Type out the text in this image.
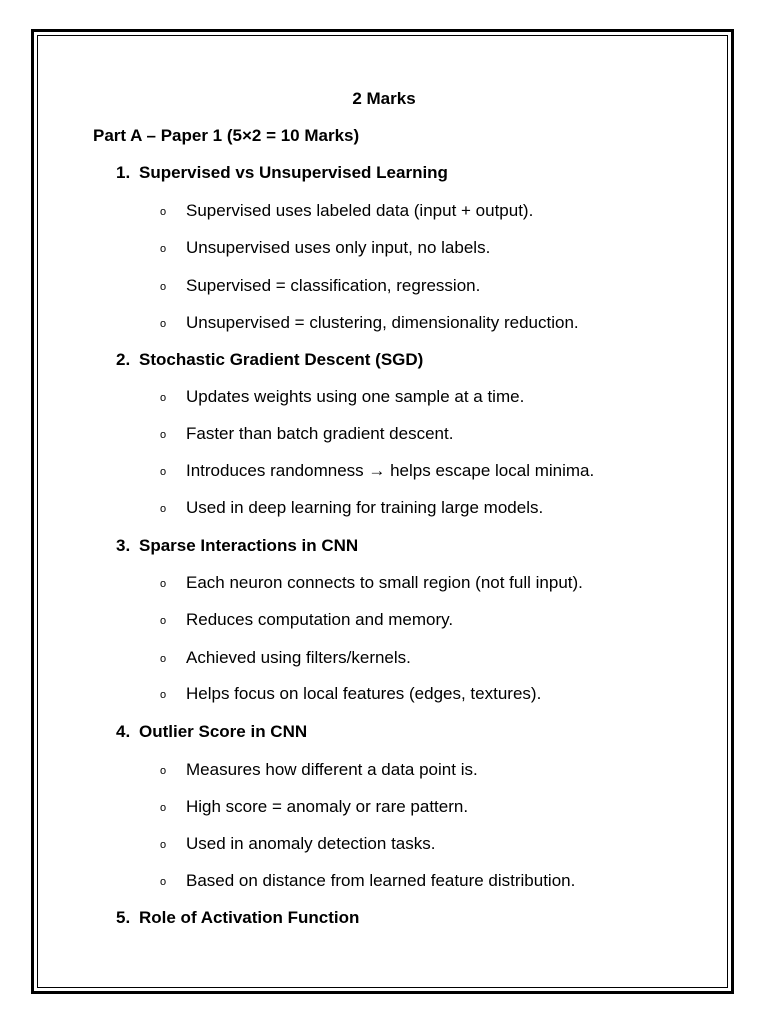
2 Marks
Part A – Paper 1 (5×2 = 10 Marks)
1. Supervised vs Unsupervised Learning
o Supervised uses labeled data (input + output).
o Unsupervised uses only input, no labels.
o Supervised = classification, regression.
o Unsupervised = clustering, dimensionality reduction.
2. Stochastic Gradient Descent (SGD)
o Updates weights using one sample at a time.
o Faster than batch gradient descent.
o Introduces randomness → helps escape local minima.
o Used in deep learning for training large models.
3. Sparse Interactions in CNN
o Each neuron connects to small region (not full input).
o Reduces computation and memory.
o Achieved using filters/kernels.
o Helps focus on local features (edges, textures).
4. Outlier Score in CNN
o Measures how different a data point is.
o High score = anomaly or rare pattern.
o Used in anomaly detection tasks.
o Based on distance from learned feature distribution.
5. Role of Activation Function
